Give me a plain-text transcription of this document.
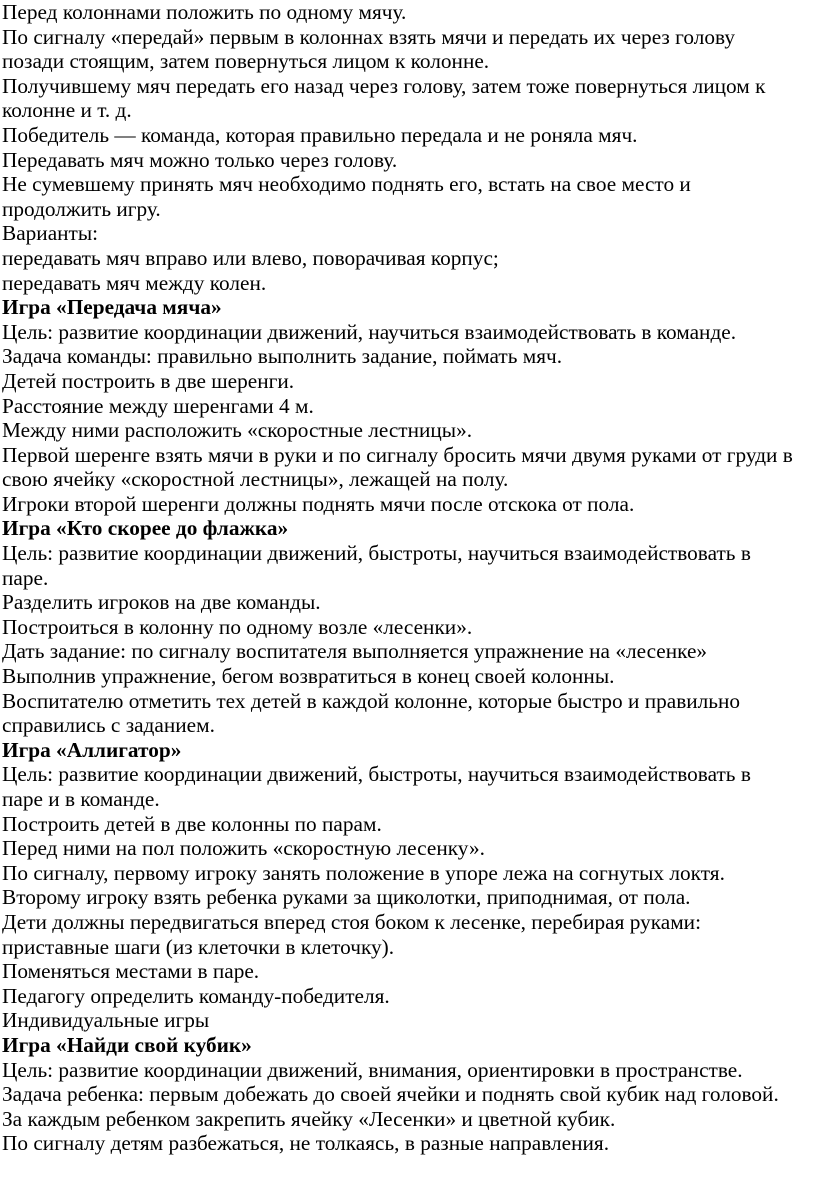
Перед колоннами положить по одному мячу.
По сигналу «передай» первым в колоннах взять мячи и передать их через голову
позади стоящим, затем повернуться лицом к колонне.
Получившему мяч передать его назад через голову, затем тоже повернуться лицом к
колонне и т. д.
Победитель — команда, которая правильно передала и не роняла мяч.
Передавать мяч можно только через голову.
Не сумевшему принять мяч необходимо поднять его, встать на свое место и
продолжить игру.
Варианты:
передавать мяч вправо или влево, поворачивая корпус;
передавать мяч между колен.
Игра «Передача мяча»
Цель: развитие координации движений, научиться взаимодействовать в команде.
Задача команды: правильно выполнить задание, поймать мяч.
Детей построить в две шеренги.
Расстояние между шеренгами 4 м.
Между ними расположить «скоростные лестницы».
Первой шеренге взять мячи в руки и по сигналу бросить мячи двумя руками от груди в
свою ячейку «скоростной лестницы», лежащей на полу.
Игроки второй шеренги должны поднять мячи после отскока от пола.
Игра «Кто скорее до флажка»
Цель: развитие координации движений, быстроты, научиться взаимодействовать в
паре.
Разделить игроков на две команды.
Построиться в колонну по одному возле «лесенки».
Дать задание: по сигналу воспитателя выполняется упражнение на «лесенке»
Выполнив упражнение, бегом возвратиться в конец своей колонны.
Воспитателю отметить тех детей в каждой колонне, которые быстро и правильно
справились с заданием.
Игра «Аллигатор»
Цель: развитие координации движений, быстроты, научиться взаимодействовать в
паре и в команде.
Построить детей в две колонны по парам.
Перед ними на пол положить «скоростную лесенку».
По сигналу, первому игроку занять положение в упоре лежа на согнутых локтя.
Второму игроку взять ребенка руками за щиколотки, приподнимая, от пола.
Дети должны передвигаться вперед стоя боком к лесенке, перебирая руками:
приставные шаги (из клеточки в клеточку).
Поменяться местами в паре.
Педагогу определить команду-победителя.
Индивидуальные игры
Игра «Найди свой кубик»
Цель: развитие координации движений, внимания, ориентировки в пространстве.
Задача ребенка: первым добежать до своей ячейки и поднять свой кубик над головой.
За каждым ребенком закрепить ячейку «Лесенки» и цветной кубик.
По сигналу детям разбежаться, не толкаясь, в разные направления.
